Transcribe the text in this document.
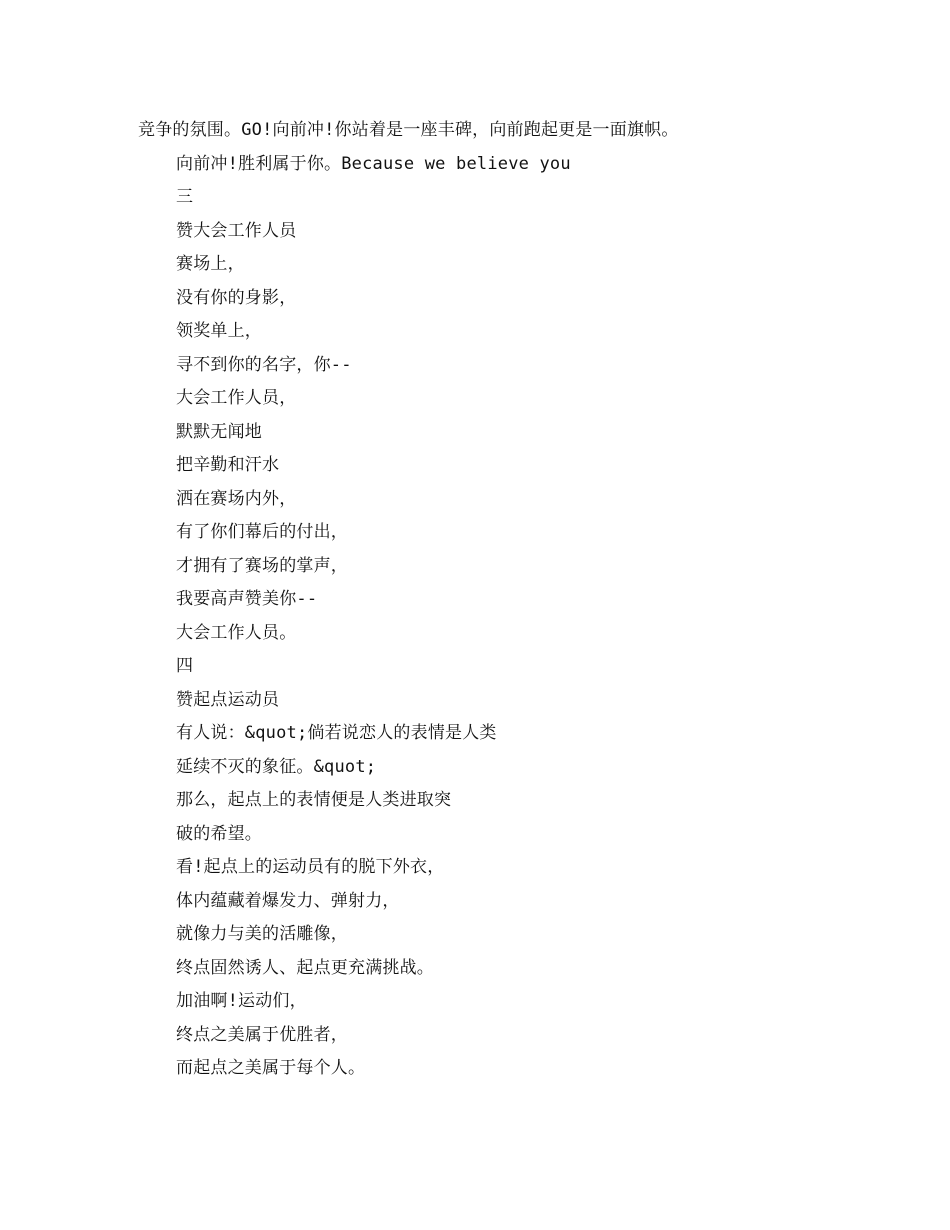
竞争的氛围。GO!向前冲!你站着是一座丰碑，向前跑起更是一面旗帜。
向前冲!胜利属于你。Because we believe you
三
赞大会工作人员
赛场上，
没有你的身影，
领奖单上，
寻不到你的名字，你--
大会工作人员，
默默无闻地
把辛勤和汗水
洒在赛场内外，
有了你们幕后的付出，
才拥有了赛场的掌声，
我要高声赞美你--
大会工作人员。
四
赞起点运动员
有人说：&quot;倘若说恋人的表情是人类
延续不灭的象征。&quot;
那么，起点上的表情便是人类进取突
破的希望。
看!起点上的运动员有的脱下外衣，
体内蕴藏着爆发力、弹射力，
就像力与美的活雕像，
终点固然诱人、起点更充满挑战。
加油啊!运动们，
终点之美属于优胜者，
而起点之美属于每个人。
